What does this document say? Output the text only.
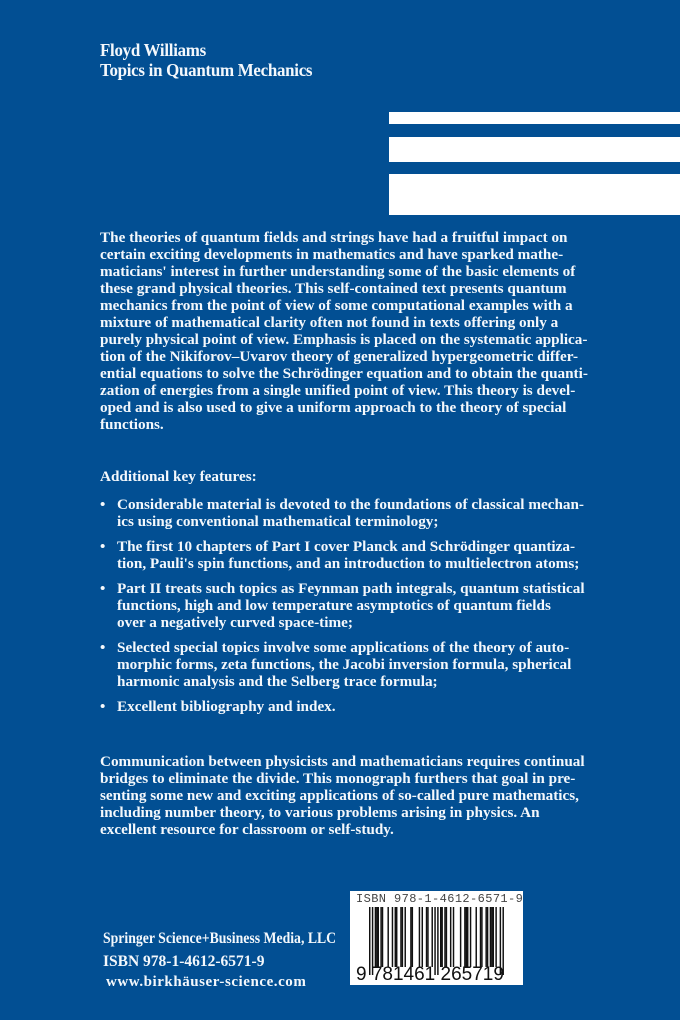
Floyd Williams
Topics in Quantum Mechanics
The theories of quantum fields and strings have had a fruitful impact on
certain exciting developments in mathematics and have sparked mathe-
maticians' interest in further understanding some of the basic elements of
these grand physical theories. This self-contained text presents quantum
mechanics from the point of view of some computational examples with a
mixture of mathematical clarity often not found in texts offering only a
purely physical point of view. Emphasis is placed on the systematic applica-
tion of the Nikiforov–Uvarov theory of generalized hypergeometric differ-
ential equations to solve the Schrödinger equation and to obtain the quanti-
zation of energies from a single unified point of view. This theory is devel-
oped and is also used to give a uniform approach to the theory of special
functions.
Additional key features:
• Considerable material is devoted to the foundations of classical mechan-
ics using conventional mathematical terminology;
• The first 10 chapters of Part I cover Planck and Schrödinger quantiza-
tion, Pauli's spin functions, and an introduction to multielectron atoms;
• Part II treats such topics as Feynman path integrals, quantum statistical
functions, high and low temperature asymptotics of quantum fields
over a negatively curved space-time;
• Selected special topics involve some applications of the theory of auto-
morphic forms, zeta functions, the Jacobi inversion formula, spherical
harmonic analysis and the Selberg trace formula;
• Excellent bibliography and index.
Communication between physicists and mathematicians requires continual
bridges to eliminate the divide. This monograph furthers that goal in pre-
senting some new and exciting applications of so-called pure mathematics,
including number theory, to various problems arising in physics. An
excellent resource for classroom or self-study.
Springer Science+Business Media, LLC
ISBN 978-1-4612-6571-9
www.birkhäuser-science.com
ISBN 978-1-4612-6571-9
9 781461 265719
